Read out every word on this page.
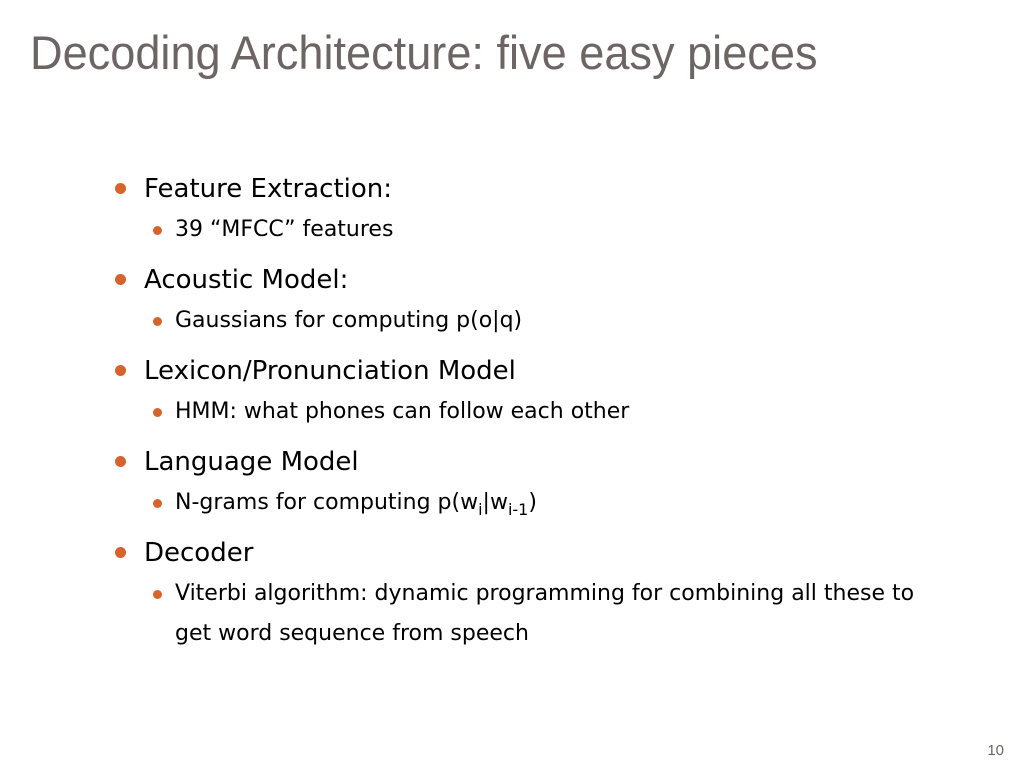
Decoding Architecture: five easy pieces
Feature Extraction:
39 “MFCC” features
Acoustic Model:
Gaussians for computing p(o|q)
Lexicon/Pronunciation Model
HMM: what phones can follow each other
Language Model
N-grams for computing $p(w_i|w_{i-1})$
Decoder
Viterbi algorithm: dynamic programming for combining all these to get word sequence from speech
10
